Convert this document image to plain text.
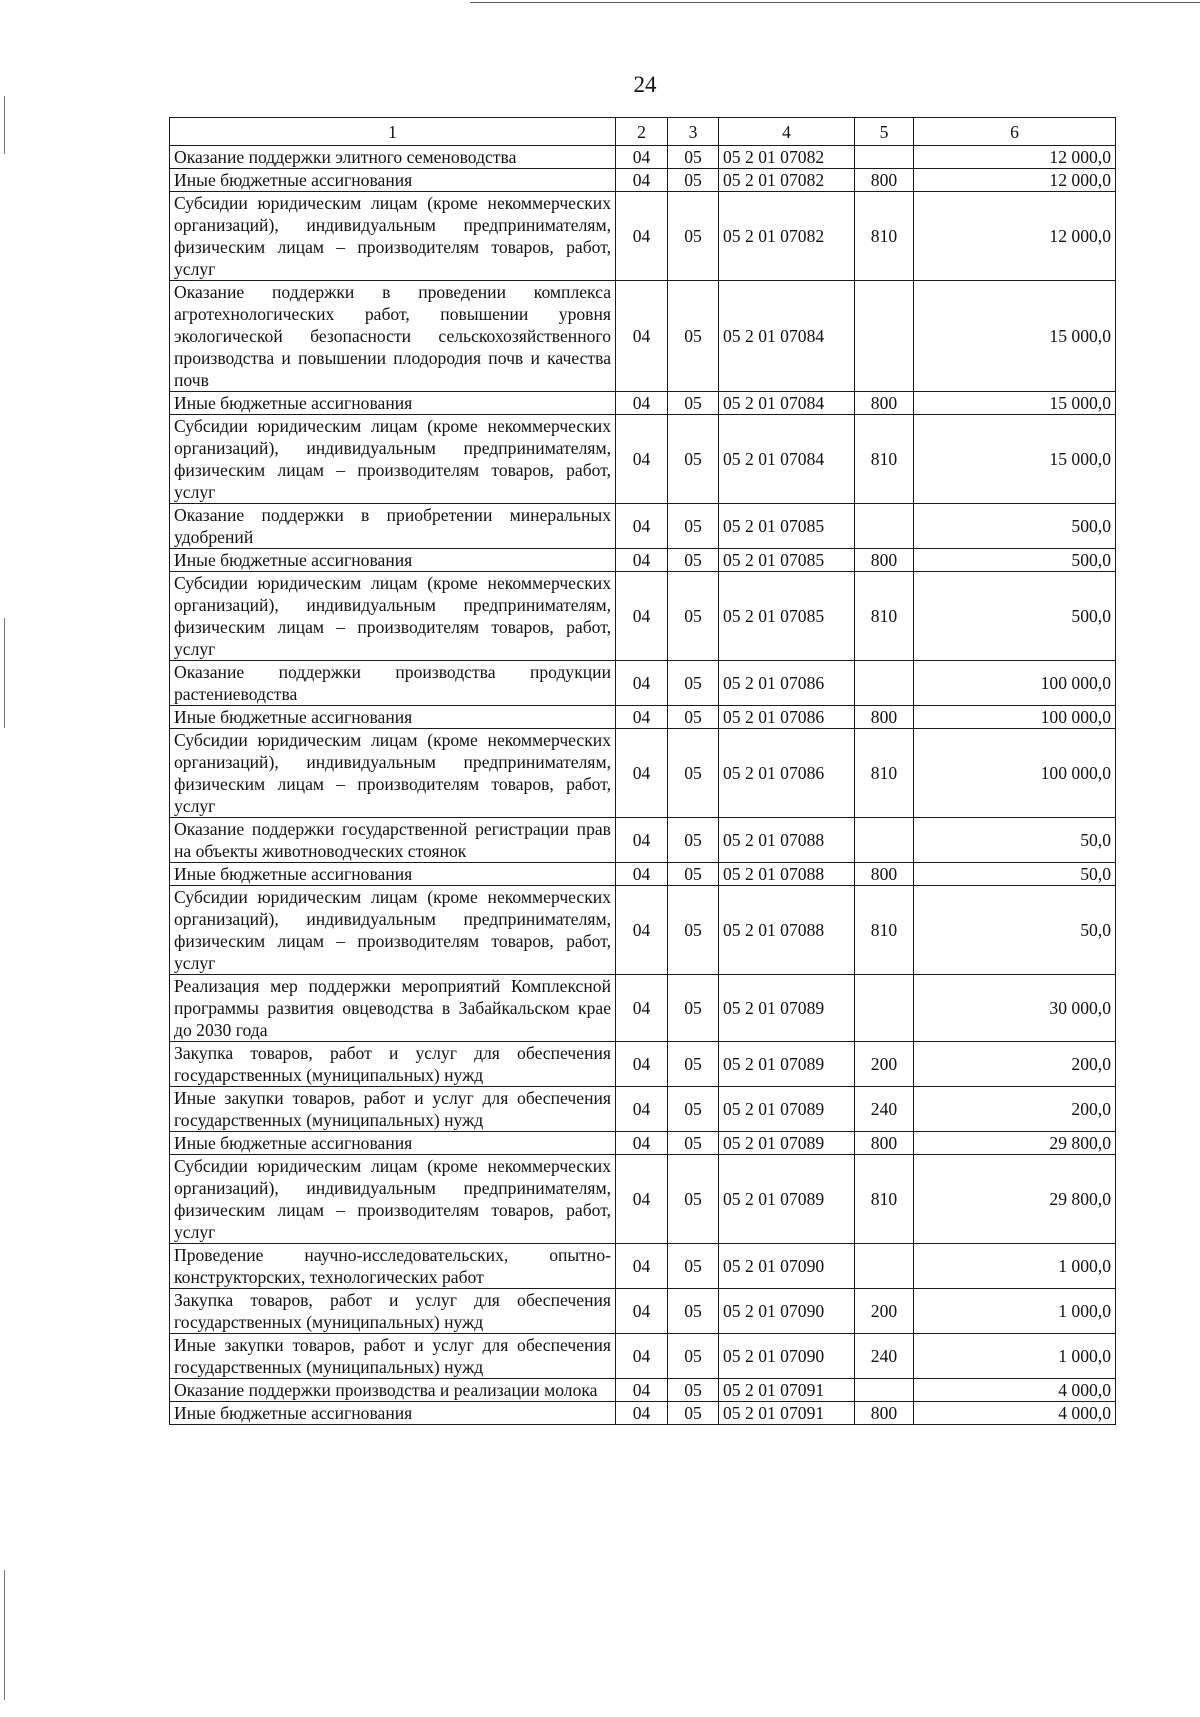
24
1	2	3	4	5	6
Оказание поддержки элитного семеноводства	04	05	05 2 01 07082		12 000,0
Иные бюджетные ассигнования	04	05	05 2 01 07082	800	12 000,0
Субсидии юридическим лицам (кроме некоммерческих организаций), индивидуальным предпринимателям, физическим лицам – производителям товаров, работ, услуг	04	05	05 2 01 07082	810	12 000,0
Оказание поддержки в проведении комплекса агротехнологических работ, повышении уровня экологической безопасности сельскохозяйственного производства и повышении плодородия почв и качества почв	04	05	05 2 01 07084		15 000,0
Иные бюджетные ассигнования	04	05	05 2 01 07084	800	15 000,0
Субсидии юридическим лицам (кроме некоммерческих организаций), индивидуальным предпринимателям, физическим лицам – производителям товаров, работ, услуг	04	05	05 2 01 07084	810	15 000,0
Оказание поддержки в приобретении минеральных удобрений	04	05	05 2 01 07085		500,0
Иные бюджетные ассигнования	04	05	05 2 01 07085	800	500,0
Субсидии юридическим лицам (кроме некоммерческих организаций), индивидуальным предпринимателям, физическим лицам – производителям товаров, работ, услуг	04	05	05 2 01 07085	810	500,0
Оказание поддержки производства продукции растениеводства	04	05	05 2 01 07086		100 000,0
Иные бюджетные ассигнования	04	05	05 2 01 07086	800	100 000,0
Субсидии юридическим лицам (кроме некоммерческих организаций), индивидуальным предпринимателям, физическим лицам – производителям товаров, работ, услуг	04	05	05 2 01 07086	810	100 000,0
Оказание поддержки государственной регистрации прав на объекты животноводческих стоянок	04	05	05 2 01 07088		50,0
Иные бюджетные ассигнования	04	05	05 2 01 07088	800	50,0
Субсидии юридическим лицам (кроме некоммерческих организаций), индивидуальным предпринимателям, физическим лицам – производителям товаров, работ, услуг	04	05	05 2 01 07088	810	50,0
Реализация мер поддержки мероприятий Комплексной программы развития овцеводства в Забайкальском крае до 2030 года	04	05	05 2 01 07089		30 000,0
Закупка товаров, работ и услуг для обеспечения государственных (муниципальных) нужд	04	05	05 2 01 07089	200	200,0
Иные закупки товаров, работ и услуг для обеспечения государственных (муниципальных) нужд	04	05	05 2 01 07089	240	200,0
Иные бюджетные ассигнования	04	05	05 2 01 07089	800	29 800,0
Субсидии юридическим лицам (кроме некоммерческих организаций), индивидуальным предпринимателям, физическим лицам – производителям товаров, работ, услуг	04	05	05 2 01 07089	810	29 800,0
Проведение научно-исследовательских, опытно-конструкторских, технологических работ	04	05	05 2 01 07090		1 000,0
Закупка товаров, работ и услуг для обеспечения государственных (муниципальных) нужд	04	05	05 2 01 07090	200	1 000,0
Иные закупки товаров, работ и услуг для обеспечения государственных (муниципальных) нужд	04	05	05 2 01 07090	240	1 000,0
Оказание поддержки производства и реализации молока	04	05	05 2 01 07091		4 000,0
Иные бюджетные ассигнования	04	05	05 2 01 07091	800	4 000,0
